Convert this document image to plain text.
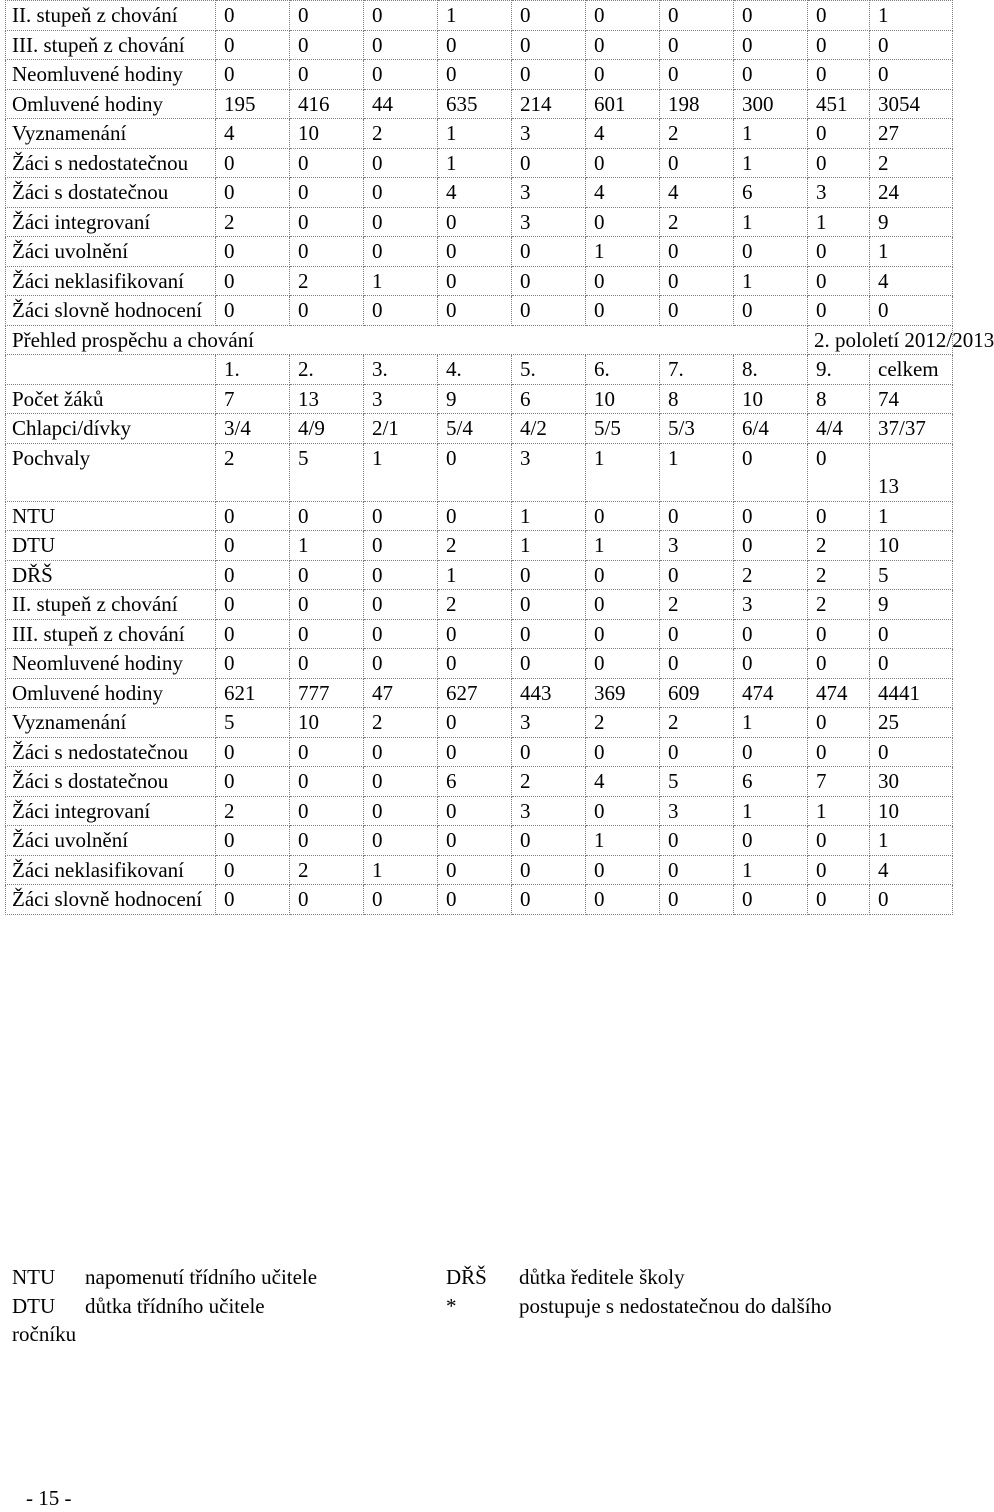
II. stupeň z chování	0	0	0	1	0	0	0	0	0	1
III. stupeň z chování	0	0	0	0	0	0	0	0	0	0
Neomluvené hodiny	0	0	0	0	0	0	0	0	0	0
Omluvené hodiny	195	416	44	635	214	601	198	300	451	3054
Vyznamenání	4	10	2	1	3	4	2	1	0	27
Žáci s nedostatečnou	0	0	0	1	0	0	0	1	0	2
Žáci s dostatečnou	0	0	0	4	3	4	4	6	3	24
Žáci integrovaní	2	0	0	0	3	0	2	1	1	9
Žáci uvolnění	0	0	0	0	0	1	0	0	0	1
Žáci neklasifikovaní	0	2	1	0	0	0	0	1	0	4
Žáci slovně hodnocení	0	0	0	0	0	0	0	0	0	0
Přehled prospěchu a chování									2. pololetí 2012/2013	
	1.	2.	3.	4.	5.	6.	7.	8.	9.	celkem
Počet žáků	7	13	3	9	6	10	8	10	8	74
Chlapci/dívky	3/4	4/9	2/1	5/4	4/2	5/5	5/3	6/4	4/4	37/37
Pochvaly	2	5	1	0	3	1	1	0	0	13
NTU	0	0	0	0	1	0	0	0	0	1
DTU	0	1	0	2	1	1	3	0	2	10
DŘŠ	0	0	0	1	0	0	0	2	2	5
II. stupeň z chování	0	0	0	2	0	0	2	3	2	9
III. stupeň z chování	0	0	0	0	0	0	0	0	0	0
Neomluvené hodiny	0	0	0	0	0	0	0	0	0	0
Omluvené hodiny	621	777	47	627	443	369	609	474	474	4441
Vyznamenání	5	10	2	0	3	2	2	1	0	25
Žáci s nedostatečnou	0	0	0	0	0	0	0	0	0	0
Žáci s dostatečnou	0	0	0	6	2	4	5	6	7	30
Žáci integrovaní	2	0	0	0	3	0	3	1	1	10
Žáci uvolnění	0	0	0	0	0	1	0	0	0	1
Žáci neklasifikovaní	0	2	1	0	0	0	0	1	0	4
Žáci slovně hodnocení	0	0	0	0	0	0	0	0	0	0
NTU napomenutí třídního učitele	DŘŠ důtka ředitele školy
DTU důtka třídního učitele	*	postupuje s nedostatečnou do dalšího
ročníku
- 15 -
